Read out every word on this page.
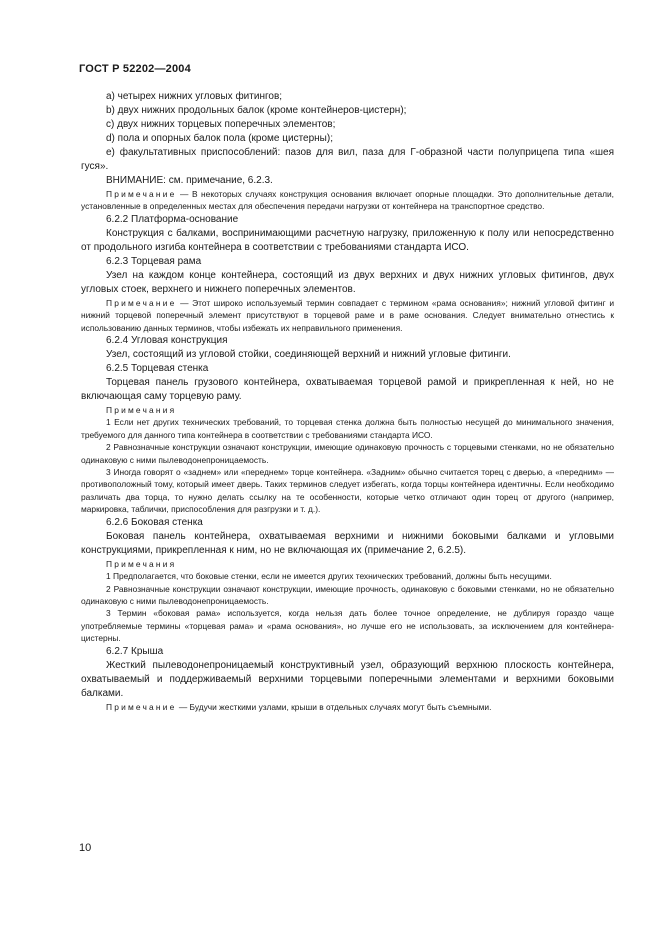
ГОСТ Р 52202—2004

а) четырех нижних угловых фитингов;

b) двух нижних продольных балок (кроме контейнеров-цистерн);

с) двух нижних торцевых поперечных элементов;

d) пола и опорных балок пола (кроме цистерны);

е) факультативных приспособлений: пазов для вил, паза для Г-образной части полуприцепа типа «шея гуся».

ВНИМАНИЕ: см. примечание, 6.2.3.

Примечание — В некоторых случаях конструкция основания включает опорные площадки. Это дополнительные детали, установленные в определенных местах для обеспечения передачи нагрузки от контейнера на транспортное средство.

6.2.2 Платформа-основание

Конструкция с балками, воспринимающими расчетную нагрузку, приложенную к полу или непосредственно от продольного изгиба контейнера в соответствии с требованиями стандарта ИСО.

6.2.3 Торцевая рама

Узел на каждом конце контейнера, состоящий из двух верхних и двух нижних угловых фитингов, двух угловых стоек, верхнего и нижнего поперечных элементов.

Примечание — Этот широко используемый термин совпадает с термином «рама основания»; нижний угловой фитинг и нижний торцевой поперечный элемент присутствуют в торцевой раме и в раме основания. Следует внимательно отнестись к использованию данных терминов, чтобы избежать их неправильного применения.

6.2.4 Угловая конструкция

Узел, состоящий из угловой стойки, соединяющей верхний и нижний угловые фитинги.

6.2.5 Торцевая стенка

Торцевая панель грузового контейнера, охватываемая торцевой рамой и прикрепленная к ней, но не включающая саму торцевую раму.

Примечания

1 Если нет других технических требований, то торцевая стенка должна быть полностью несущей до минимального значения, требуемого для данного типа контейнера в соответствии с требованиями стандарта ИСО.

2 Равнозначные конструкции означают конструкции, имеющие одинаковую прочность с торцевыми стенками, но не обязательно одинаковую с ними пылеводонепроницаемость.

3 Иногда говорят о «заднем» или «переднем» торце контейнера. «Задним» обычно считается торец с дверью, а «передним» — противоположный тому, который имеет дверь. Таких терминов следует избегать, когда торцы контейнера идентичны. Если необходимо различать два торца, то нужно делать ссылку на те особенности, которые четко отличают один торец от другого (например, маркировка, таблички, приспособления для разгрузки и т. д.).

6.2.6 Боковая стенка

Боковая панель контейнера, охватываемая верхними и нижними боковыми балками и угловыми конструкциями, прикрепленная к ним, но не включающая их (примечание 2, 6.2.5).

Примечания

1 Предполагается, что боковые стенки, если не имеется других технических требований, должны быть несущими.

2 Равнозначные конструкции означают конструкции, имеющие прочность, одинаковую с боковыми стенками, но не обязательно одинаковую с ними пылеводонепроницаемость.

3 Термин «боковая рама» используется, когда нельзя дать более точное определение, не дублируя гораздо чаще употребляемые термины «торцевая рама» и «рама основания», но лучше его не использовать, за исключением для контейнера-цистерны.

6.2.7 Крыша

Жесткий пылеводонепроницаемый конструктивный узел, образующий верхнюю плоскость контейнера, охватываемый и поддерживаемый верхними торцевыми поперечными элементами и верхними боковыми балками.

Примечание — Будучи жесткими узлами, крыши в отдельных случаях могут быть съемными.

10
